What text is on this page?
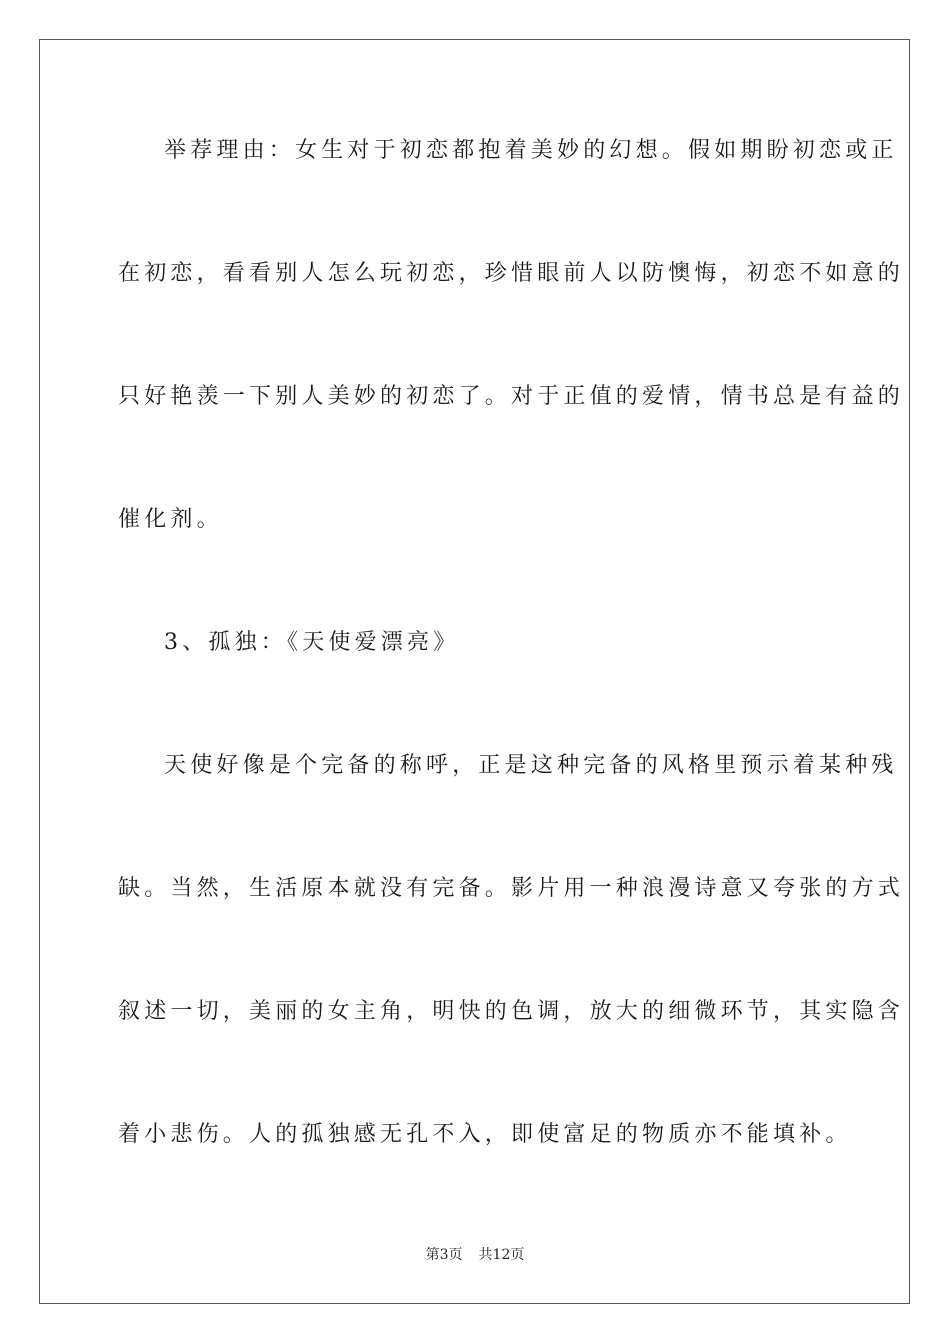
举荐理由：女生对于初恋都抱着美妙的幻想。假如期盼初恋或正
在初恋，看看别人怎么玩初恋，珍惜眼前人以防懊悔，初恋不如意的
只好艳羡一下别人美妙的初恋了。对于正值的爱情，情书总是有益的
催化剂。
3、孤独：《天使爱漂亮》
天使好像是个完备的称呼，正是这种完备的风格里预示着某种残
缺。当然，生活原本就没有完备。影片用一种浪漫诗意又夸张的方式
叙述一切，美丽的女主角，明快的色调，放大的细微环节，其实隐含
着小悲伤。人的孤独感无孔不入，即使富足的物质亦不能填补。
第3页 共12页
